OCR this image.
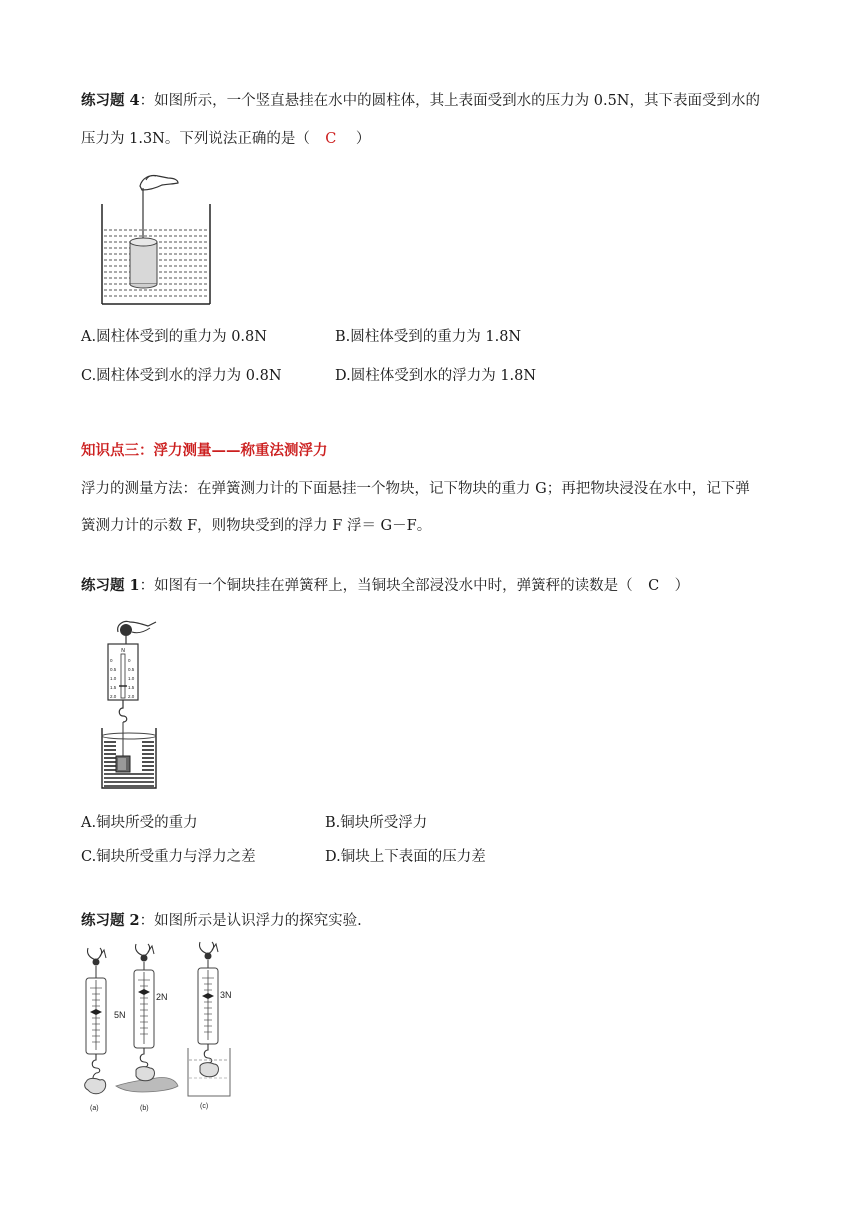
练习题 4：如图所示，一个竖直悬挂在水中的圆柱体，其上表面受到水的压力为 0.5N，其下表面受到水的
压力为 1.3N。下列说法正确的是（ C ）
A.圆柱体受到的重力为 0.8N	B.圆柱体受到的重力为 1.8N
C.圆柱体受到水的浮力为 0.8N	D.圆柱体受到水的浮力为 1.8N
知识点三：浮力测量——称重法测浮力
浮力的测量方法：在弹簧测力计的下面悬挂一个物块，记下物块的重力 G；再把物块浸没在水中，记下弹
簧测力计的示数 F，则物块受到的浮力 F 浮＝ G－F。
练习题 1：如图有一个铜块挂在弹簧秤上，当铜块全部浸没水中时，弹簧秤的读数是（ C ）
N
0
0.5
1.0
1.5
2.0
0
0.5
1.0
1.5
2.0
A.铜块所受的重力	B.铜块所受浮力
C.铜块所受重力与浮力之差	D.铜块上下表面的压力差
练习题 2：如图所示是认识浮力的探究实验.
5N
(a)
2N
(b)
3N
(c)
